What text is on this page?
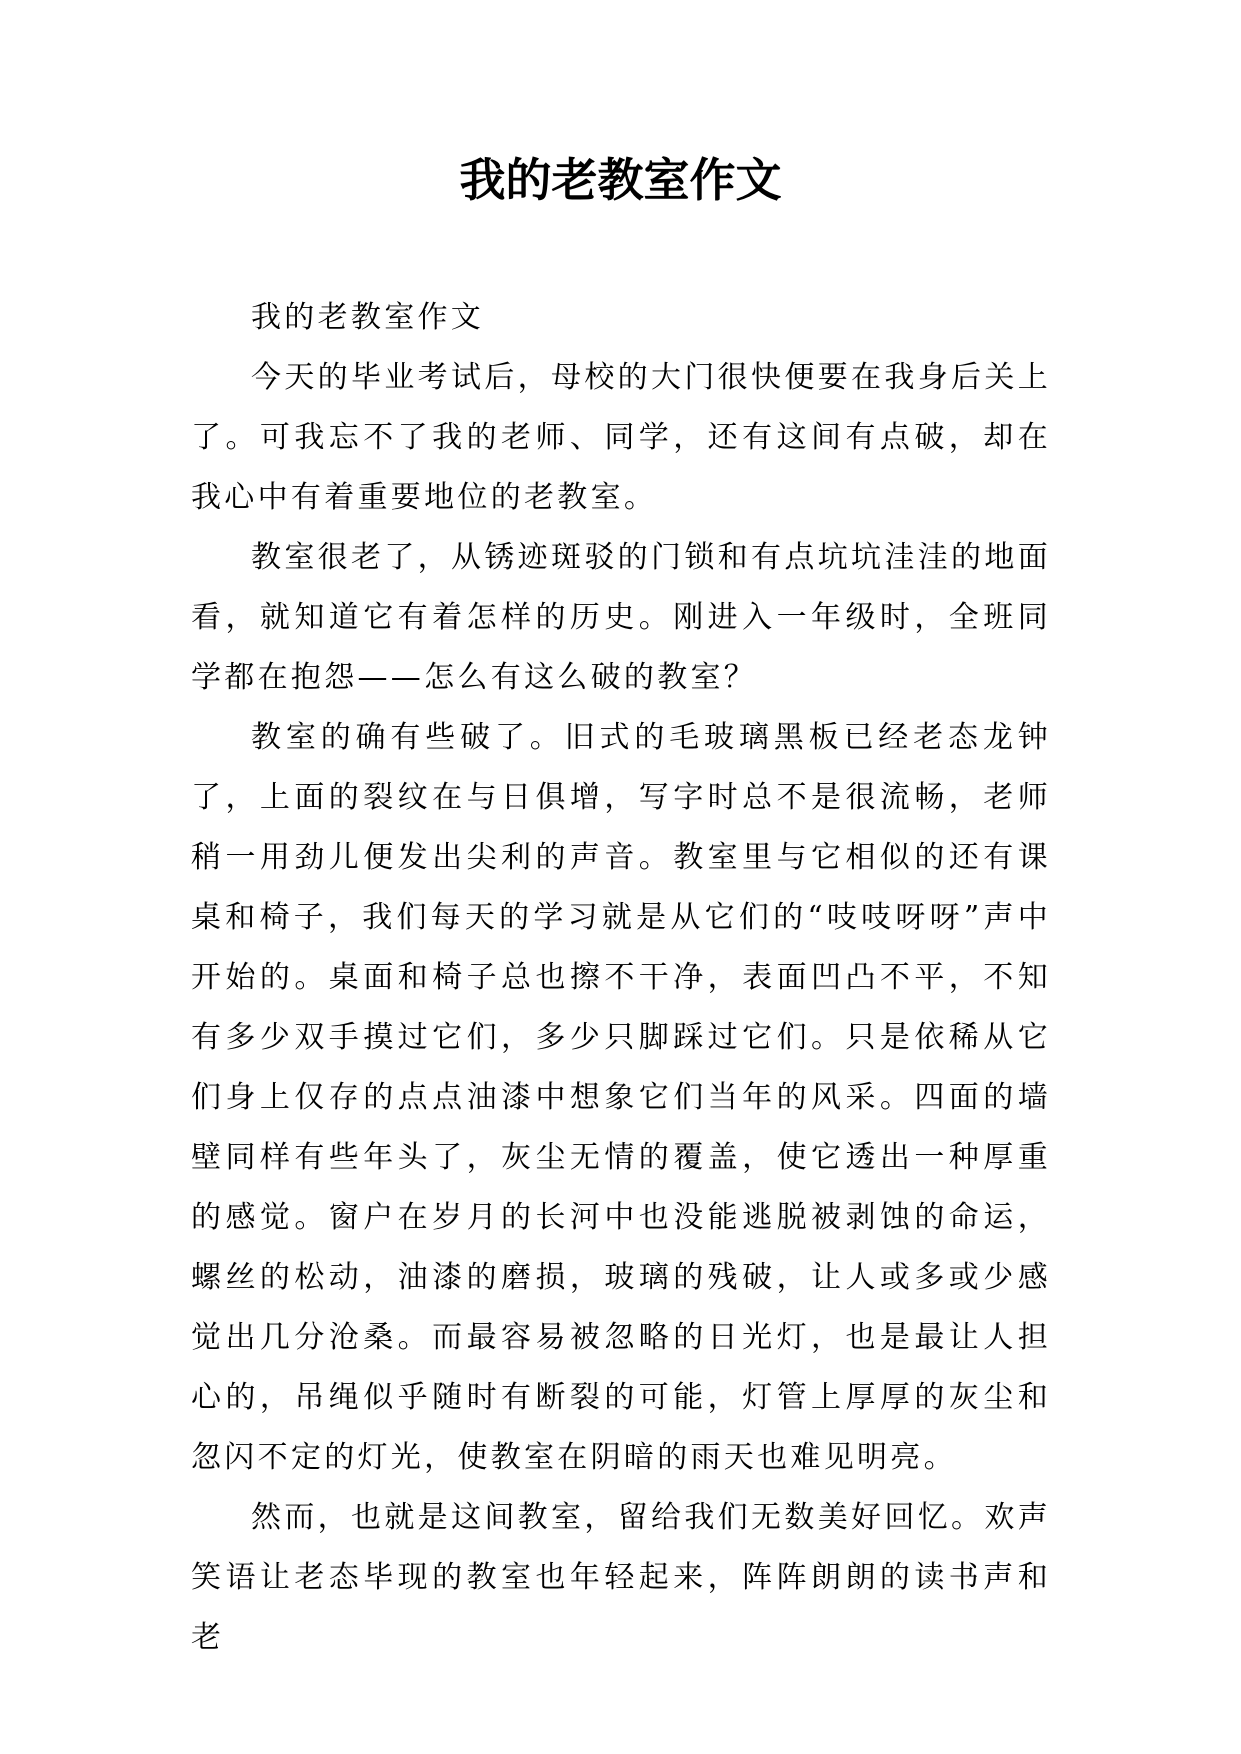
我的老教室作文

我的老教室作文

今天的毕业考试后，母校的大门很快便要在我身后关上了。可我忘不了我的老师、同学，还有这间有点破，却在我心中有着重要地位的老教室。

教室很老了，从锈迹斑驳的门锁和有点坑坑洼洼的地面看，就知道它有着怎样的历史。刚进入一年级时，全班同学都在抱怨——怎么有这么破的教室？

教室的确有些破了。旧式的毛玻璃黑板已经老态龙钟了，上面的裂纹在与日俱增，写字时总不是很流畅，老师稍一用劲儿便发出尖利的声音。教室里与它相似的还有课桌和椅子，我们每天的学习就是从它们的“吱吱呀呀”声中开始的。桌面和椅子总也擦不干净，表面凹凸不平，不知有多少双手摸过它们，多少只脚踩过它们。只是依稀从它们身上仅存的点点油漆中想象它们当年的风采。四面的墙壁同样有些年头了，灰尘无情的覆盖，使它透出一种厚重的感觉。窗户在岁月的长河中也没能逃脱被剥蚀的命运，螺丝的松动，油漆的磨损，玻璃的残破，让人或多或少感觉出几分沧桑。而最容易被忽略的日光灯，也是最让人担心的，吊绳似乎随时有断裂的可能，灯管上厚厚的灰尘和忽闪不定的灯光，使教室在阴暗的雨天也难见明亮。

然而，也就是这间教室，留给我们无数美好回忆。欢声笑语让老态毕现的教室也年轻起来，阵阵朗朗的读书声和老
